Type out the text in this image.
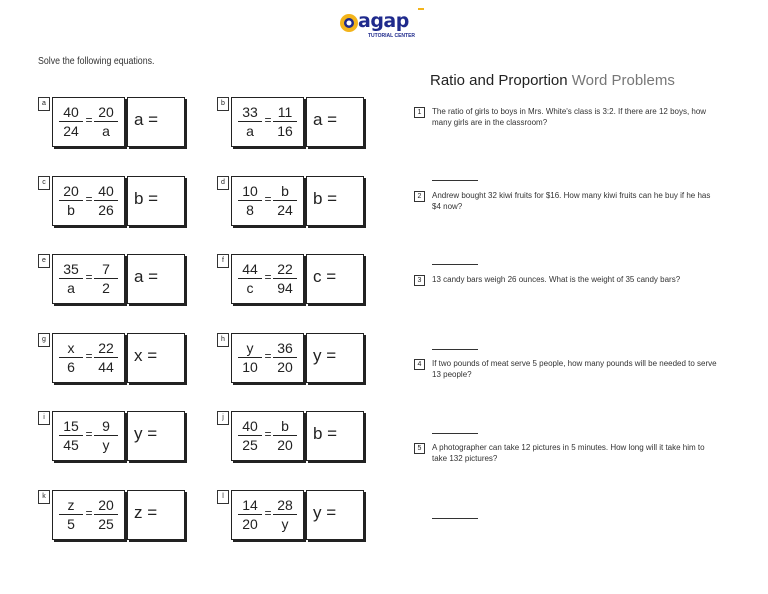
agap
TUTORIAL CENTER
Solve the following equations.
a
$\frac{40}{24} = \frac{20}{a}$ a =
b
$\frac{33}{a} = \frac{11}{16}$ a =
c
$\frac{20}{b} = \frac{40}{26}$ b =
d
$\frac{10}{8} = \frac{b}{24}$ b =
e
$\frac{35}{a} = \frac{7}{2}$ a =
f
$\frac{44}{c} = \frac{22}{94}$ c =
g
$\frac{x}{6} = \frac{22}{44}$ x =
h
$\frac{y}{10} = \frac{36}{20}$ y =
i
$\frac{15}{45} = \frac{9}{y}$ y =
j
$\frac{40}{25} = \frac{b}{20}$ b =
k
$\frac{z}{5} = \frac{20}{25}$ z =
l
$\frac{14}{20} = \frac{28}{y}$ y =
Ratio and Proportion Word Problems
1	The ratio of girls to boys in Mrs. White's class is 3:2. If there are 12 boys, how many girls are in the classroom?
2	Andrew bought 32 kiwi fruits for $16. How many kiwi fruits can he buy if he has $4 now?
3	13 candy bars weigh 26 ounces. What is the weight of 35 candy bars?
4	If two pounds of meat serve 5 people, how many pounds will be needed to serve 13 people?
5	A photographer can take 12 pictures in 5 minutes. How long will it take him to take 132 pictures?
